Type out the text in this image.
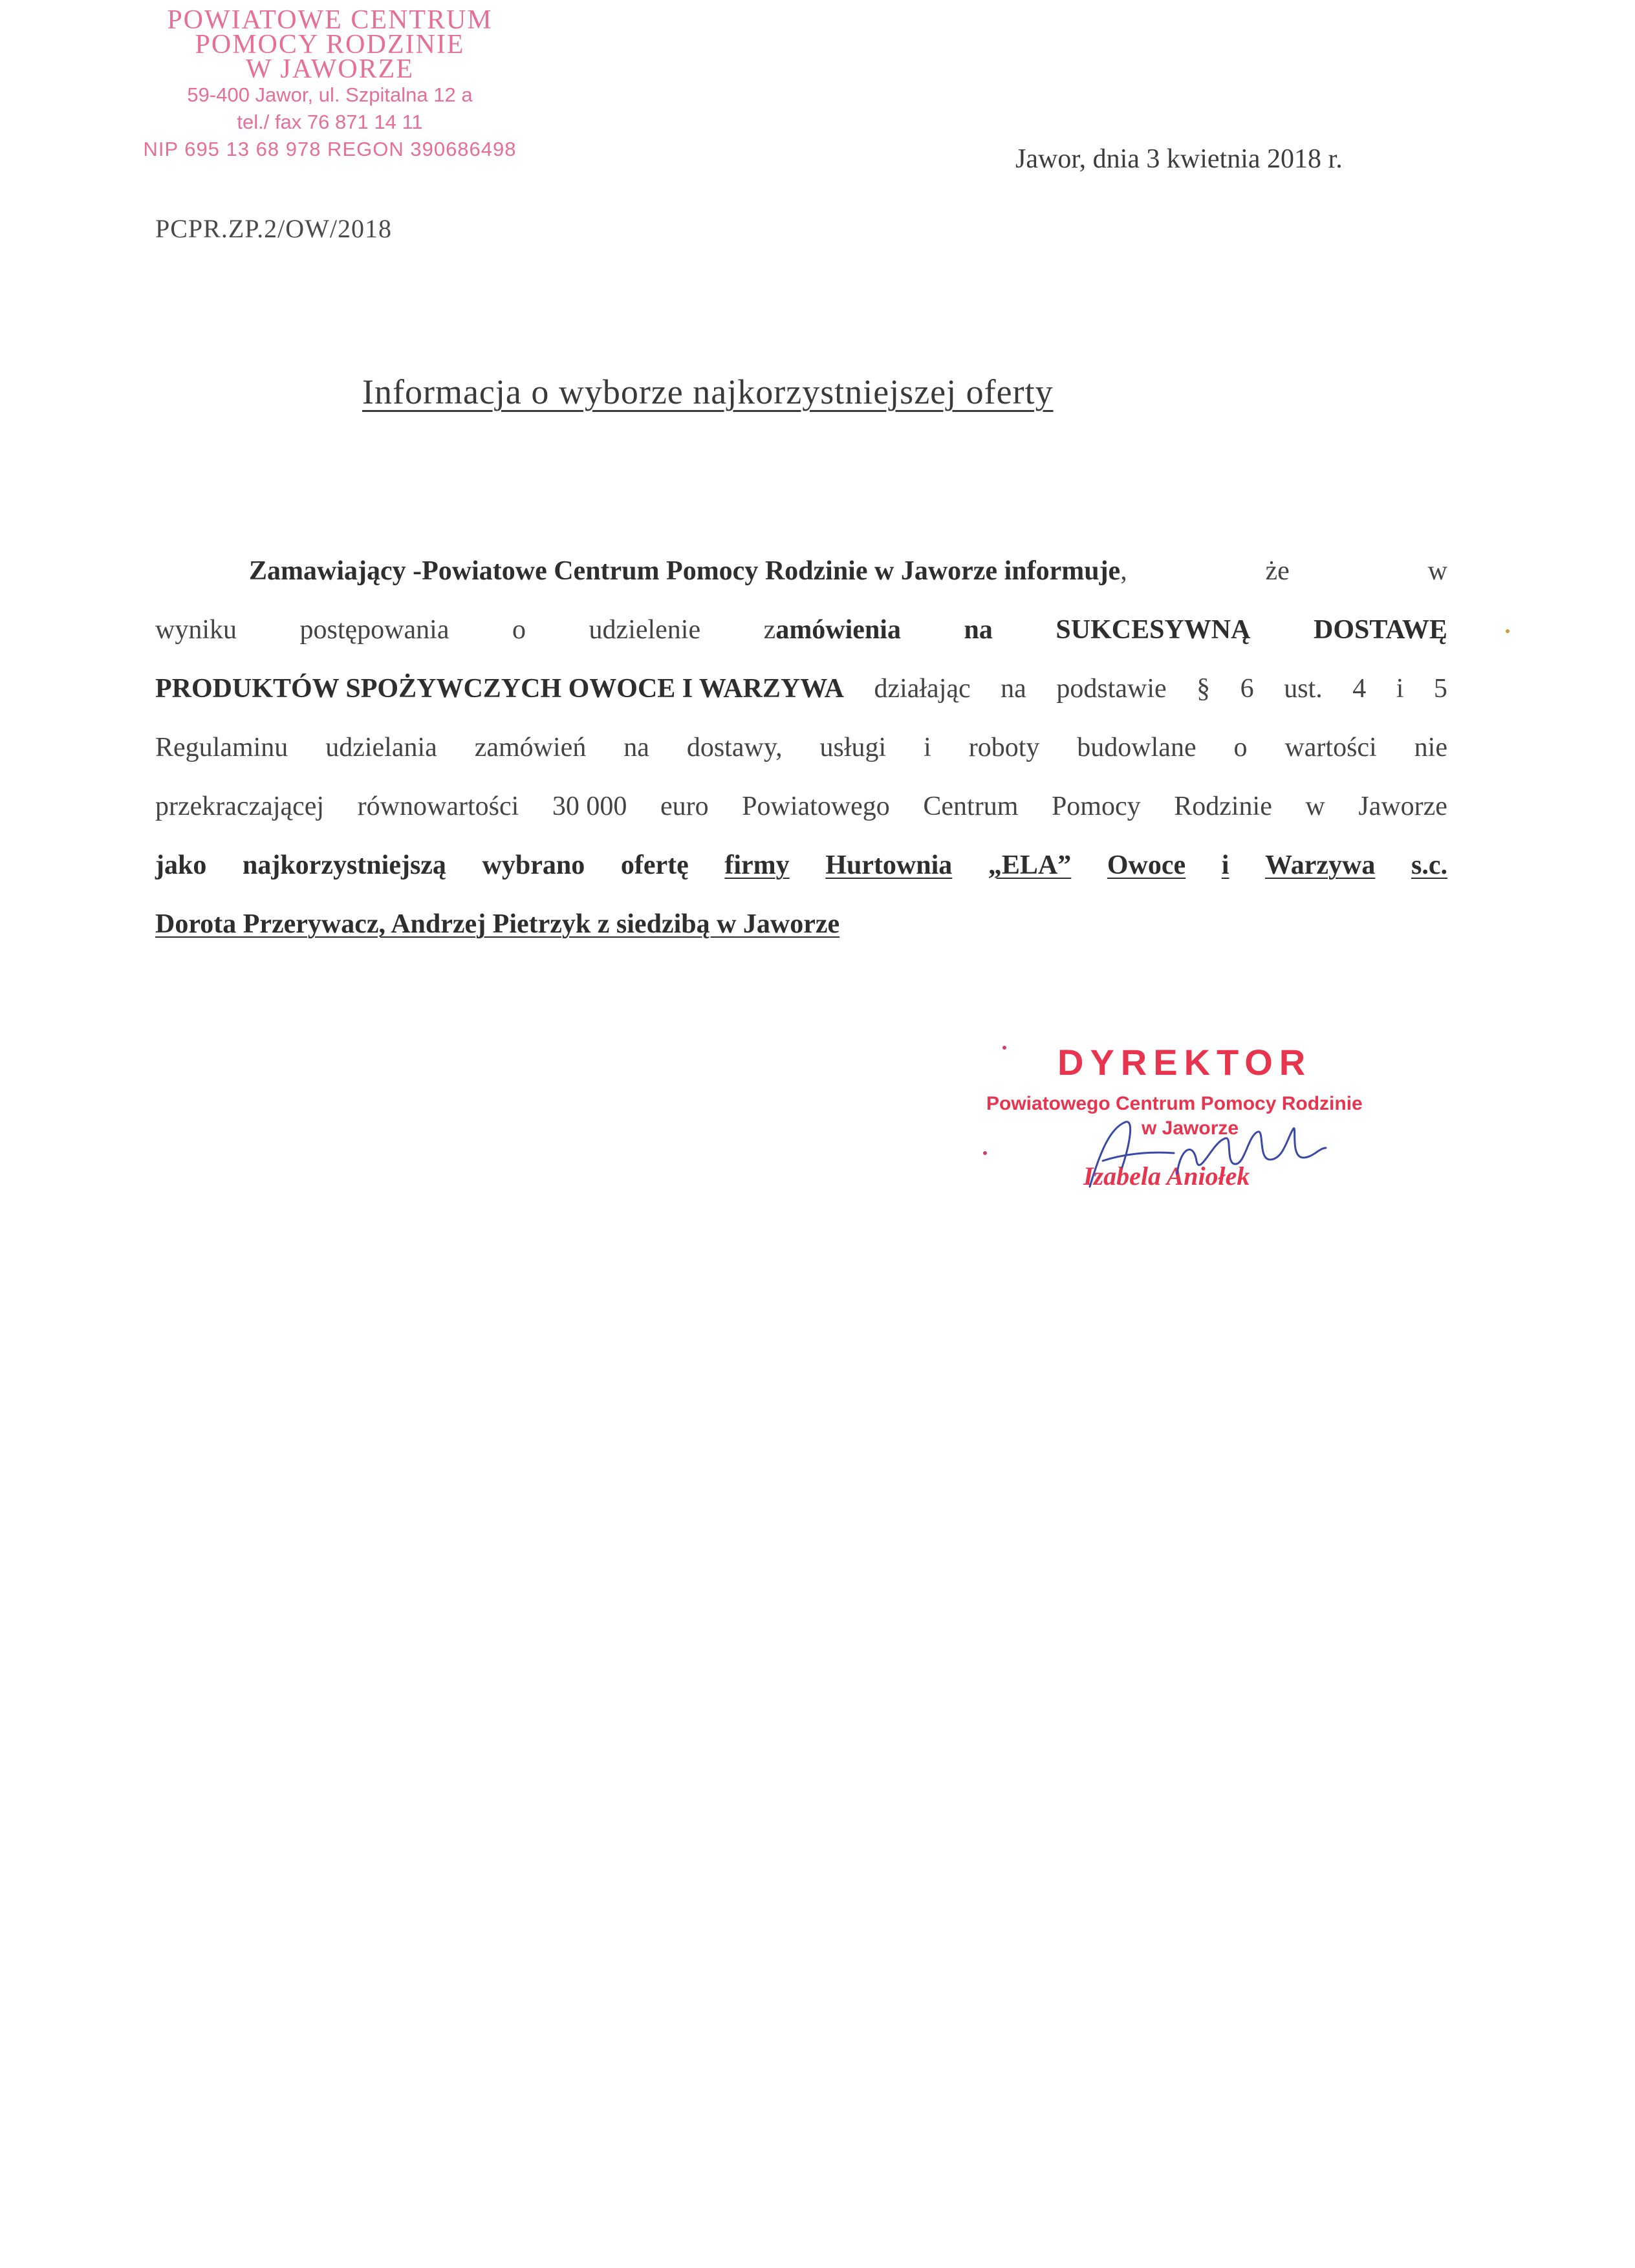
POWIATOWE CENTRUM
POMOCY RODZINIE
W JAWORZE
59-400 Jawor, ul. Szpitalna 12 a
tel./ fax 76 871 14 11
NIP 695 13 68 978 REGON 390686498	Jawor, dnia 3 kwietnia 2018 r.
PCPR.ZP.2/OW/2018
Informacja o wyborze najkorzystniejszej oferty
Zamawiający -Powiatowe Centrum Pomocy Rodzinie w Jaworze informuje,	że	w
wyniku postępowania o udzielenie zamówienia na SUKCESYWNĄ DOSTAWĘ
PRODUKTÓW SPOŻYWCZYCH OWOCE I WARZYWA działając na podstawie § 6 ust. 4 i 5
Regulaminu udzielania zamówień na dostawy, usługi i roboty budowlane o wartości nie
przekraczającej równowartości 30 000 euro Powiatowego Centrum Pomocy Rodzinie w Jaworze
jako najkorzystniejszą wybrano ofertę firmy Hurtownia „ELA” Owoce i Warzywa s.c.
Dorota Przerywacz, Andrzej Pietrzyk z siedzibą w Jaworze
DYREKTOR
Powiatowego Centrum Pomocy Rodzinie
w Jaworze
Izabela Aniołek
